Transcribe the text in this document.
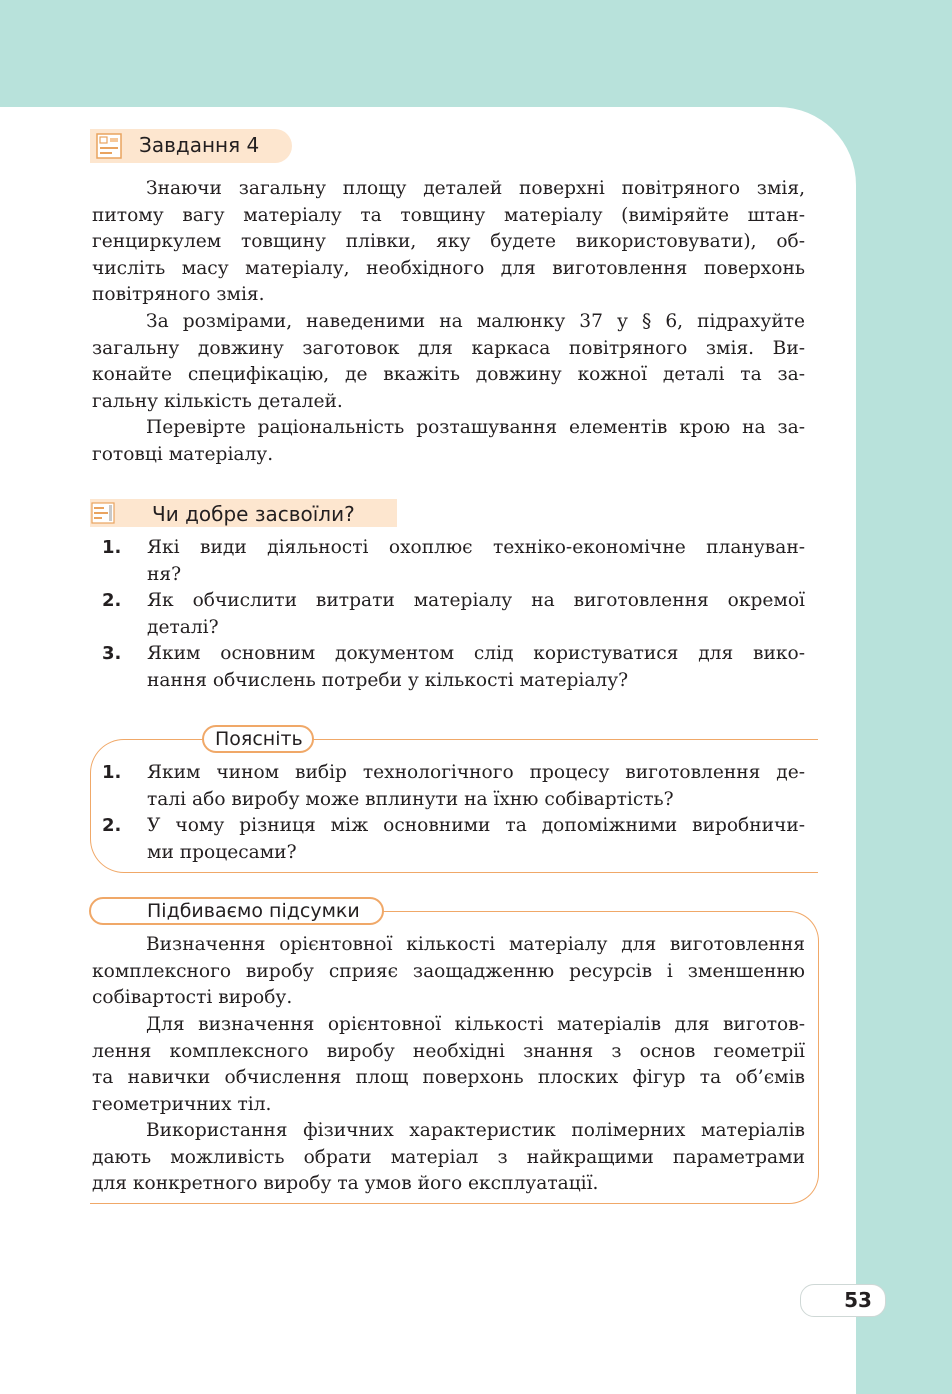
Завдання 4
Знаючи загальну площу деталей поверхні повітряного змія,
питому вагу матеріалу та товщину матеріалу (виміряйте штан-
генциркулем товщину плівки, яку будете використовувати), об-
числіть масу матеріалу, необхідного для виготовлення поверхонь
повітряного змія.
За розмірами, наведеними на малюнку 37 у § 6, підрахуйте
загальну довжину заготовок для каркаса повітряного змія. Ви-
конайте специфікацію, де вкажіть довжину кожної деталі та за-
гальну кількість деталей.
Перевірте раціональність розташування елементів крою на за-
готовці матеріалу.
Чи добре засвоїли?
1. Які види діяльності охоплює техніко-економічне плануван-
ня?
2. Як обчислити витрати матеріалу на виготовлення окремої
деталі?
3. Яким основним документом слід користуватися для вико-
нання обчислень потреби у кількості матеріалу?
Поясніть
1. Яким чином вибір технологічного процесу виготовлення де-
талі або виробу може вплинути на їхню собівартість?
2. У чому різниця між основними та допоміжними виробничи-
ми процесами?
Підбиваємо підсумки
Визначення орієнтовної кількості матеріалу для виготовлення
комплексного виробу сприяє заощадженню ресурсів і зменшенню
собівартості виробу.
Для визначення орієнтовної кількості матеріалів для виготов-
лення комплексного виробу необхідні знання з основ геометрії
та навички обчислення площ поверхонь плоских фігур та об’ємів
геометричних тіл.
Використання фізичних характеристик полімерних матеріалів
дають можливість обрати матеріал з найкращими параметрами
для конкретного виробу та умов його експлуатації.
53
